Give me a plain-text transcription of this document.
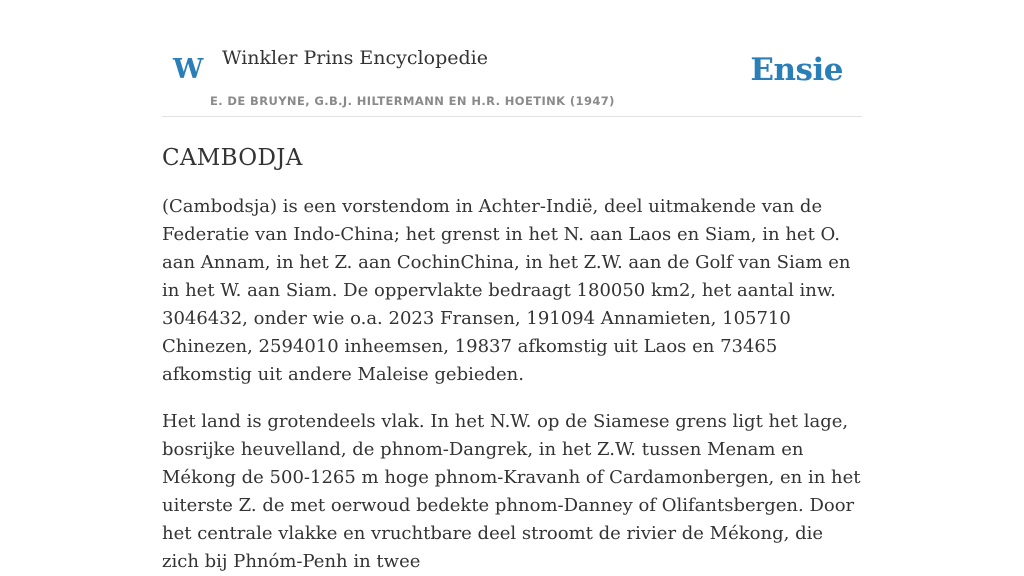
W Winkler Prins Encyclopedie
E. DE BRUYNE, G.B.J. HILTERMANN EN H.R. HOETINK (1947)
Ensie
CAMBODJA

(Cambodsja) is een vorstendom in Achter-Indië, deel uitmakende van de Federatie van Indo-China; het grenst in het N. aan Laos en Siam, in het O. aan Annam, in het Z. aan CochinChina, in het Z.W. aan de Golf van Siam en in het W. aan Siam. De oppervlakte bedraagt 180050 km2, het aantal inw. 3046432, onder wie o.a. 2023 Fransen, 191094 Annamieten, 105710 Chinezen, 2594010 inheemsen, 19837 afkomstig uit Laos en 73465 afkomstig uit andere Maleise gebieden.

Het land is grotendeels vlak. In het N.W. op de Siamese grens ligt het lage, bosrijke heuvelland, de phnom-Dangrek, in het Z.W. tussen Menam en Mékong de 500-1265 m hoge phnom-Kravanh of Cardamonbergen, en in het uiterste Z. de met oerwoud bedekte phnom-Danney of Olifantsbergen. Door het centrale vlakke en vruchtbare deel stroomt de rivier de Mékong, die zich bij Phnóm-Penh in twee
